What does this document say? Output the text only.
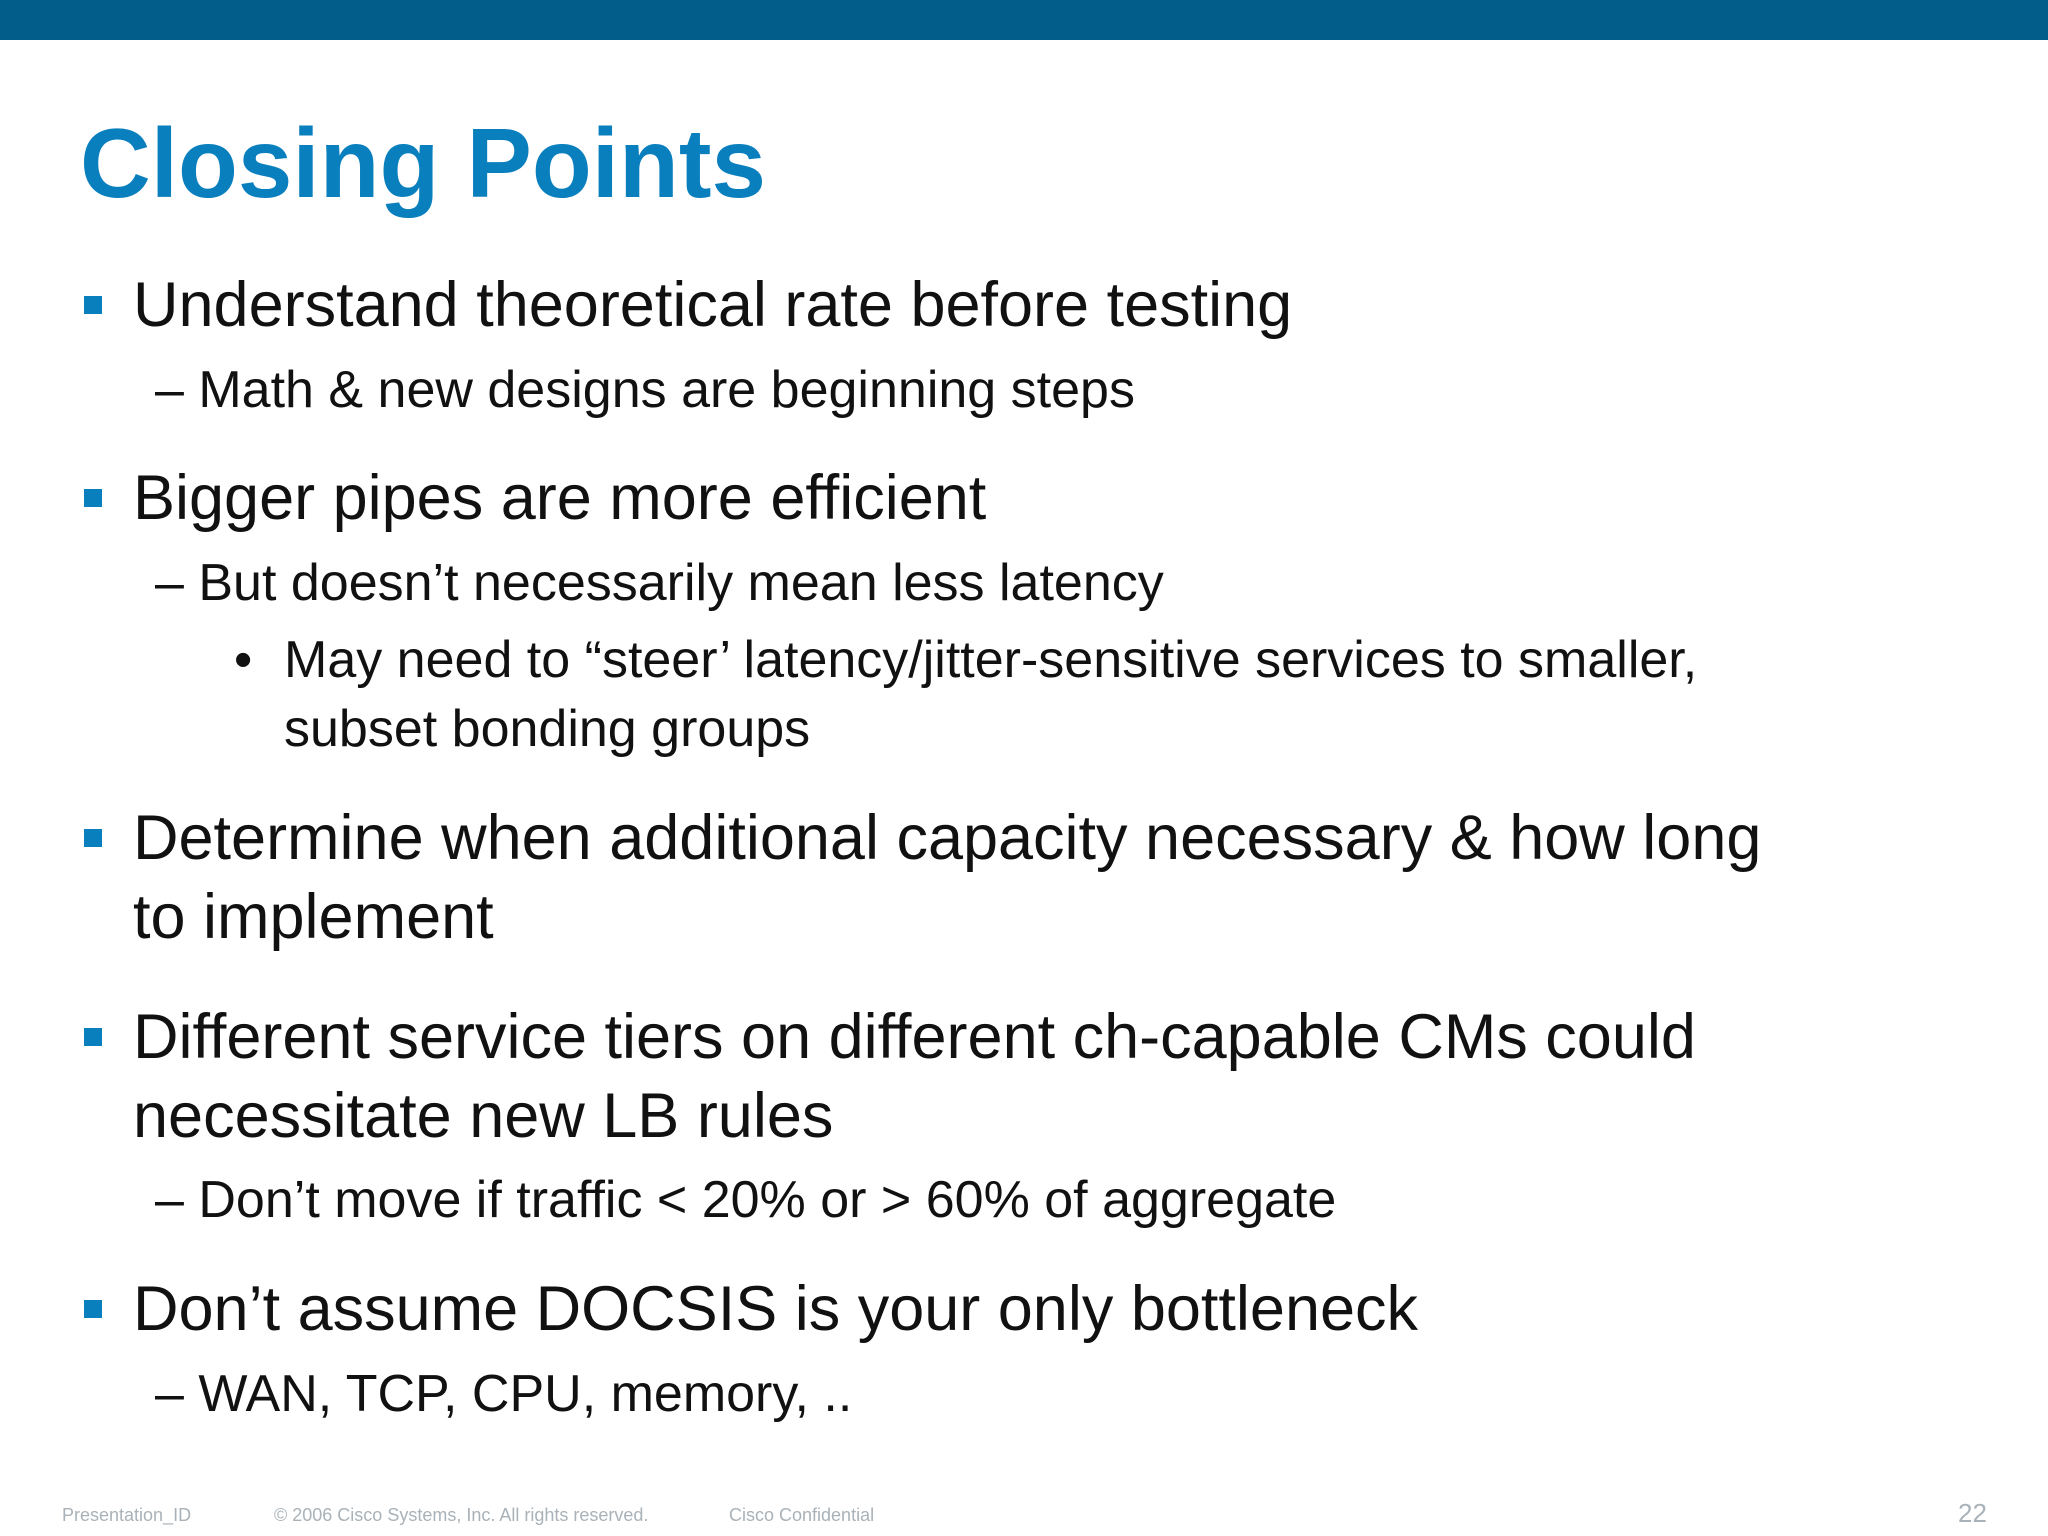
Closing Points
Understand theoretical rate before testing
– Math & new designs are beginning steps
Bigger pipes are more efficient
– But doesn’t necessarily mean less latency
• May need to “steer’ latency/jitter-sensitive services to smaller,
subset bonding groups
Determine when additional capacity necessary & how long
to implement
Different service tiers on different ch-capable CMs could
necessitate new LB rules
– Don’t move if traffic < 20% or > 60% of aggregate
Don’t assume DOCSIS is your only bottleneck
– WAN, TCP, CPU, memory, ..
Presentation_ID	© 2006 Cisco Systems, Inc. All rights reserved.	Cisco Confidential	22
